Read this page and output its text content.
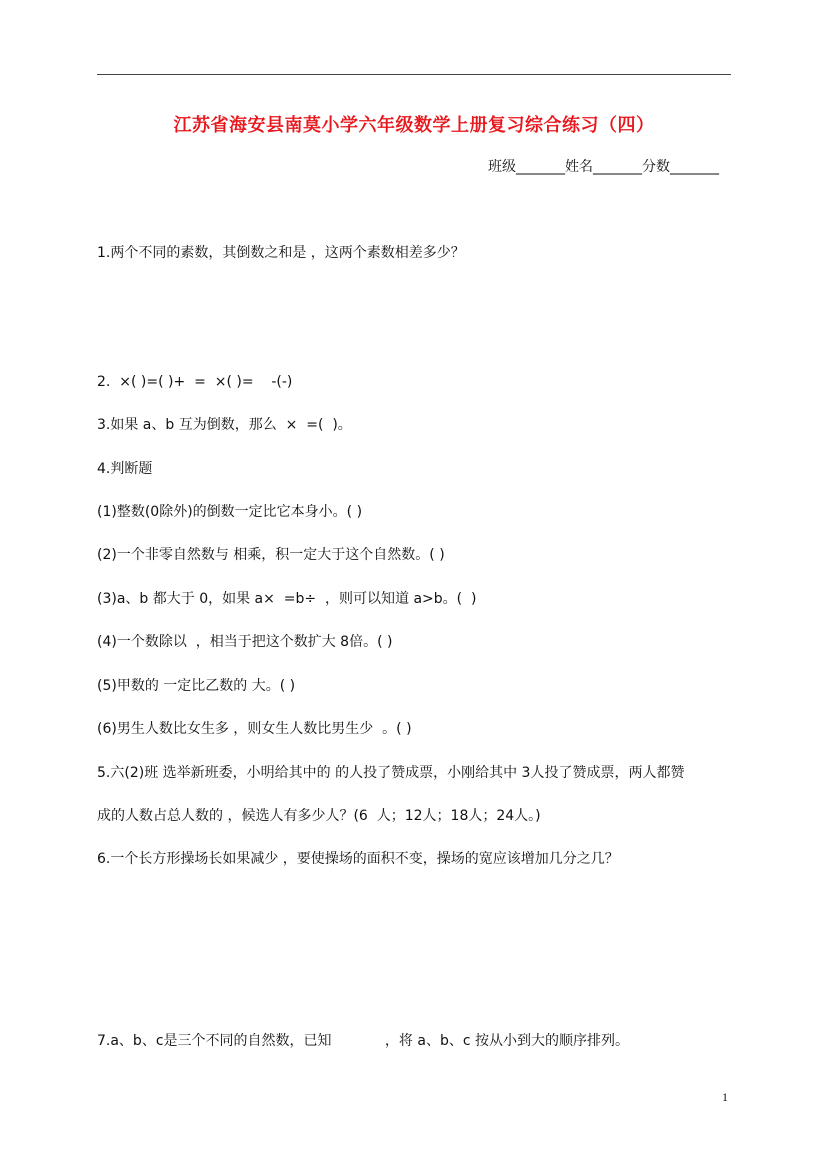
江苏省海安县南莫小学六年级数学上册复习综合练习（四）
班级_______姓名_______分数_______
1.两个不同的素数，其倒数之和是 ，这两个素数相差多少？
2.  ×( )=( )+  =  ×( )=    -(-)
3.如果 a、b 互为倒数，那么  ×  =(  )。
4.判断题
(1)整数(0除外)的倒数一定比它本身小。( )
(2)一个非零自然数与 相乘，积一定大于这个自然数。( )
(3)a、b 都大于 0，如果 a×  =b÷  ，则可以知道 a>b。(  )
(4)一个数除以  ，相当于把这个数扩大 8倍。( )
(5)甲数的 一定比乙数的 大。( )
(6)男生人数比女生多 ，则女生人数比男生少  。( )
5.六(2)班 选举新班委，小明给其中的 的人投了赞成票，小刚给其中 3人投了赞成票，两人都赞
成的人数占总人数的 ，候选人有多少人？(6  人；12人；18人；24人。)
6.一个长方形操场长如果减少 ，要使操场的面积不变，操场的宽应该增加几分之几？
7.a、b、c是三个不同的自然数，已知            ，将 a、b、c 按从小到大的顺序排列。
1
